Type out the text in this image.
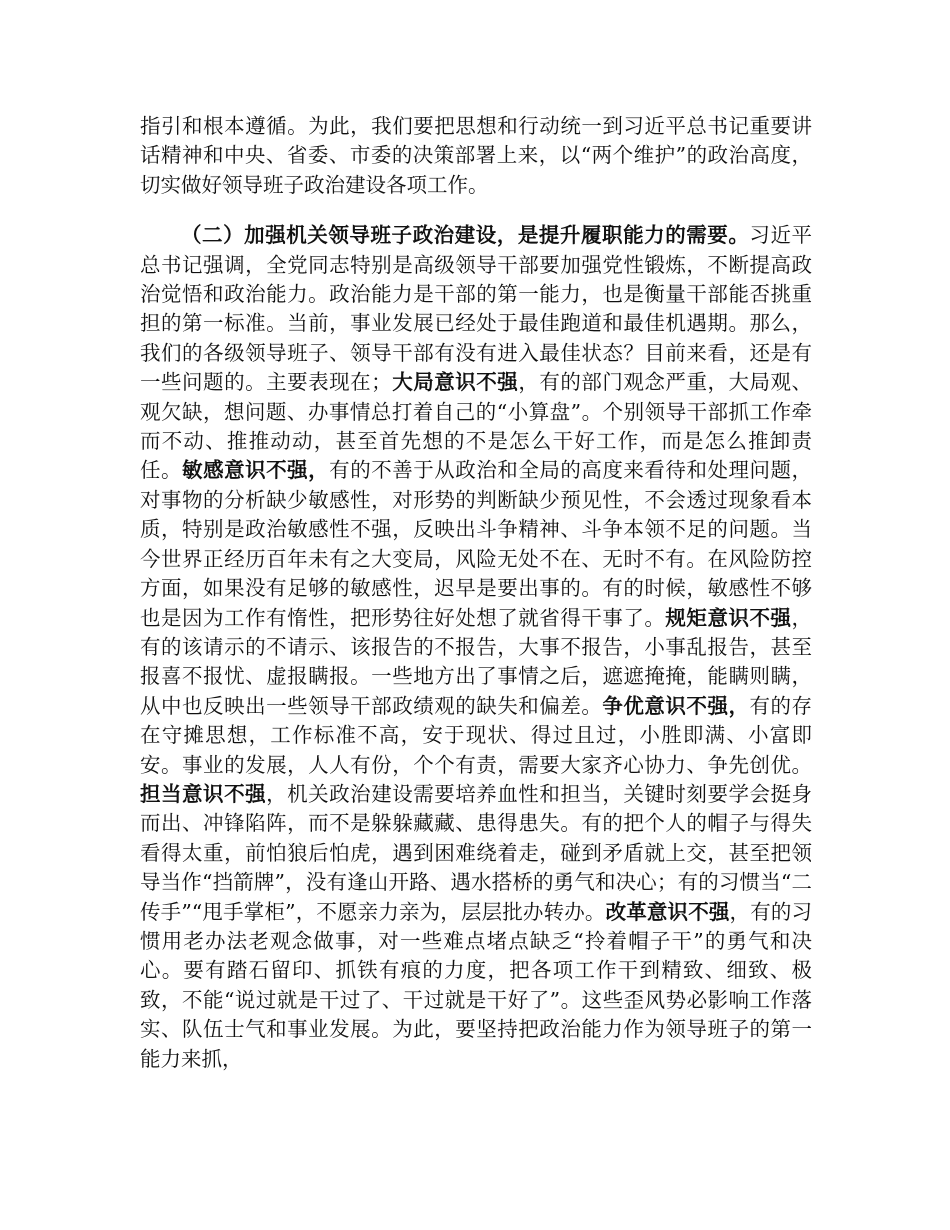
指引和根本遵循。为此，我们要把思想和行动统一到习近平总书记重要讲话精神和中央、省委、市委的决策部署上来，以“两个维护”的政治高度，切实做好领导班子政治建设各项工作。

（二）加强机关领导班子政治建设，是提升履职能力的需要。习近平总书记强调，全党同志特别是高级领导干部要加强党性锻炼，不断提高政治觉悟和政治能力。政治能力是干部的第一能力，也是衡量干部能否挑重担的第一标准。当前，事业发展已经处于最佳跑道和最佳机遇期。那么，我们的各级领导班子、领导干部有没有进入最佳状态？目前来看，还是有一些问题的。主要表现在；大局意识不强，有的部门观念严重，大局观、观欠缺，想问题、办事情总打着自己的“小算盘”。个别领导干部抓工作牵而不动、推推动动，甚至首先想的不是怎么干好工作，而是怎么推卸责任。敏感意识不强，有的不善于从政治和全局的高度来看待和处理问题，对事物的分析缺少敏感性，对形势的判断缺少预见性，不会透过现象看本质，特别是政治敏感性不强，反映出斗争精神、斗争本领不足的问题。当今世界正经历百年未有之大变局，风险无处不在、无时不有。在风险防控方面，如果没有足够的敏感性，迟早是要出事的。有的时候，敏感性不够也是因为工作有惰性，把形势往好处想了就省得干事了。规矩意识不强，有的该请示的不请示、该报告的不报告，大事不报告，小事乱报告，甚至报喜不报忧、虚报瞒报。一些地方出了事情之后，遮遮掩掩，能瞒则瞒，从中也反映出一些领导干部政绩观的缺失和偏差。争优意识不强，有的存在守摊思想，工作标准不高，安于现状、得过且过，小胜即满、小富即安。事业的发展，人人有份，个个有责，需要大家齐心协力、争先创优。担当意识不强，机关政治建设需要培养血性和担当，关键时刻要学会挺身而出、冲锋陷阵，而不是躲躲藏藏、患得患失。有的把个人的帽子与得失看得太重，前怕狼后怕虎，遇到困难绕着走，碰到矛盾就上交，甚至把领导当作“挡箭牌”，没有逢山开路、遇水搭桥的勇气和决心；有的习惯当“二传手”“甩手掌柜”，不愿亲力亲为，层层批办转办。改革意识不强，有的习惯用老办法老观念做事，对一些难点堵点缺乏“拎着帽子干”的勇气和决心。要有踏石留印、抓铁有痕的力度，把各项工作干到精致、细致、极致，不能“说过就是干过了、干过就是干好了”。这些歪风势必影响工作落实、队伍士气和事业发展。为此，要坚持把政治能力作为领导班子的第一能力来抓，
